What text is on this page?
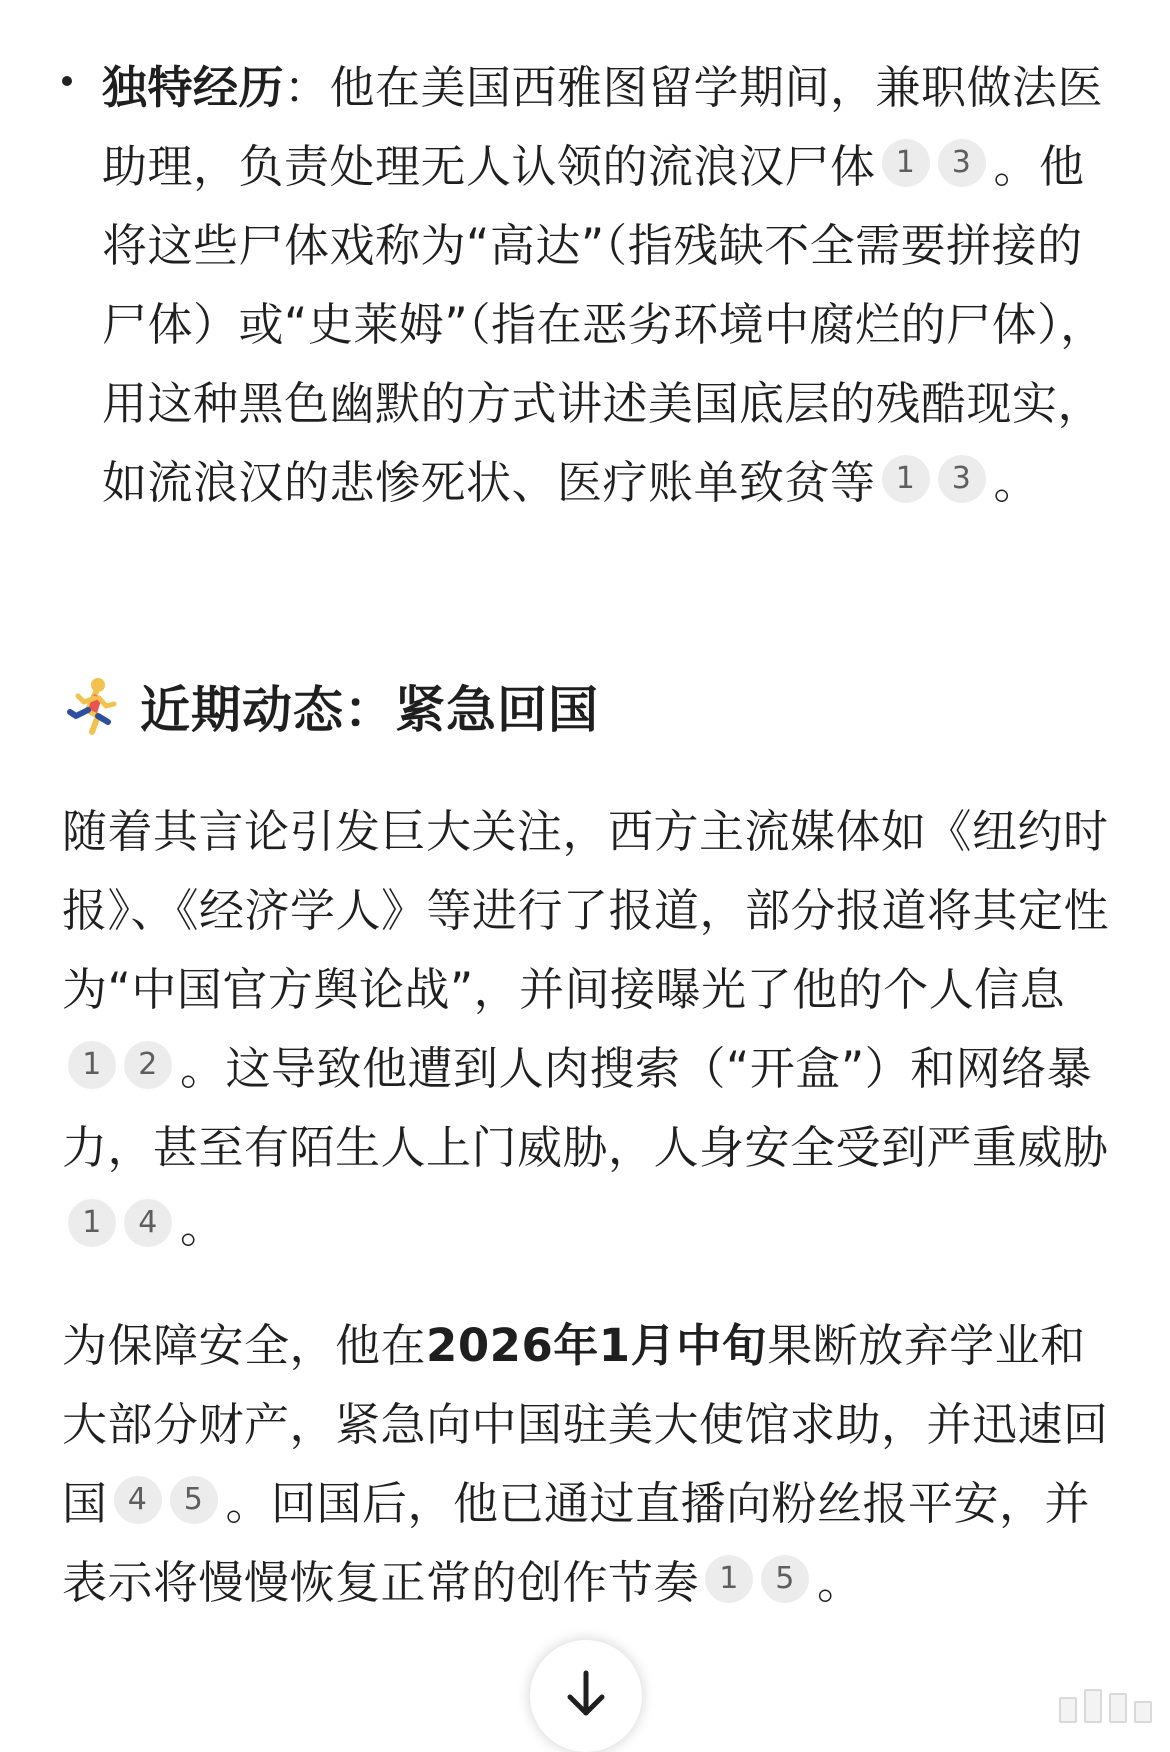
独特经历：他在美国西雅图留学期间，兼职做法医助理，负责处理无人认领的流浪汉尸体 1 3 。他将这些尸体戏称为“高达”（指残缺不全需要拼接的尸体）或“史莱姆”（指在恶劣环境中腐烂的尸体），用这种黑色幽默的方式讲述美国底层的残酷现实，如流浪汉的悲惨死状、医疗账单致贫等 1 3 。
近期动态：紧急回国
随着其言论引发巨大关注，西方主流媒体如《纽约时报》、《经济学人》等进行了报道，部分报道将其定性为“中国官方舆论战”，并间接曝光了他的个人信息1 2 。这导致他遭到人肉搜索（“开盒”）和网络暴力，甚至有陌生人上门威胁，人身安全受到严重威胁1 4 。
为保障安全，他在2026年1月中旬果断放弃学业和大部分财产，紧急向中国驻美大使馆求助，并迅速回国 4 5 。回国后，他已通过直播向粉丝报平安，并表示将慢慢恢复正常的创作节奏 1 5 。
